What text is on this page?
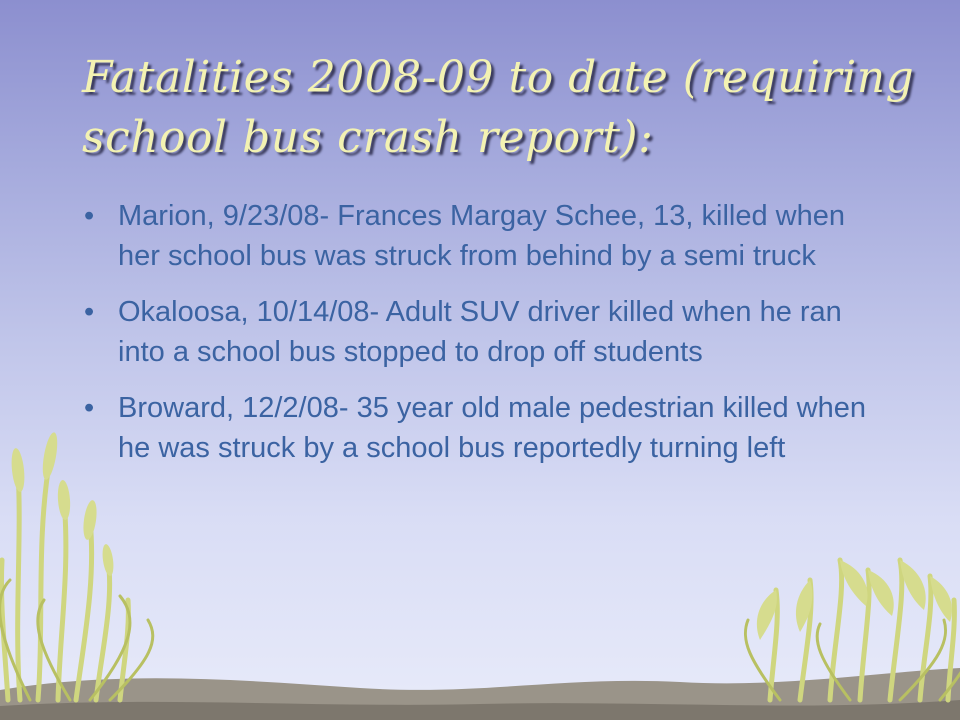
Fatalities 2008-09 to date (requiring school bus crash report):
• Marion, 9/23/08- Frances Margay Schee, 13, killed when her school bus was struck from behind by a semi truck
• Okaloosa, 10/14/08- Adult SUV driver killed when he ran into a school bus stopped to drop off students
• Broward, 12/2/08- 35 year old male pedestrian killed when he was struck by a school bus reportedly turning left
